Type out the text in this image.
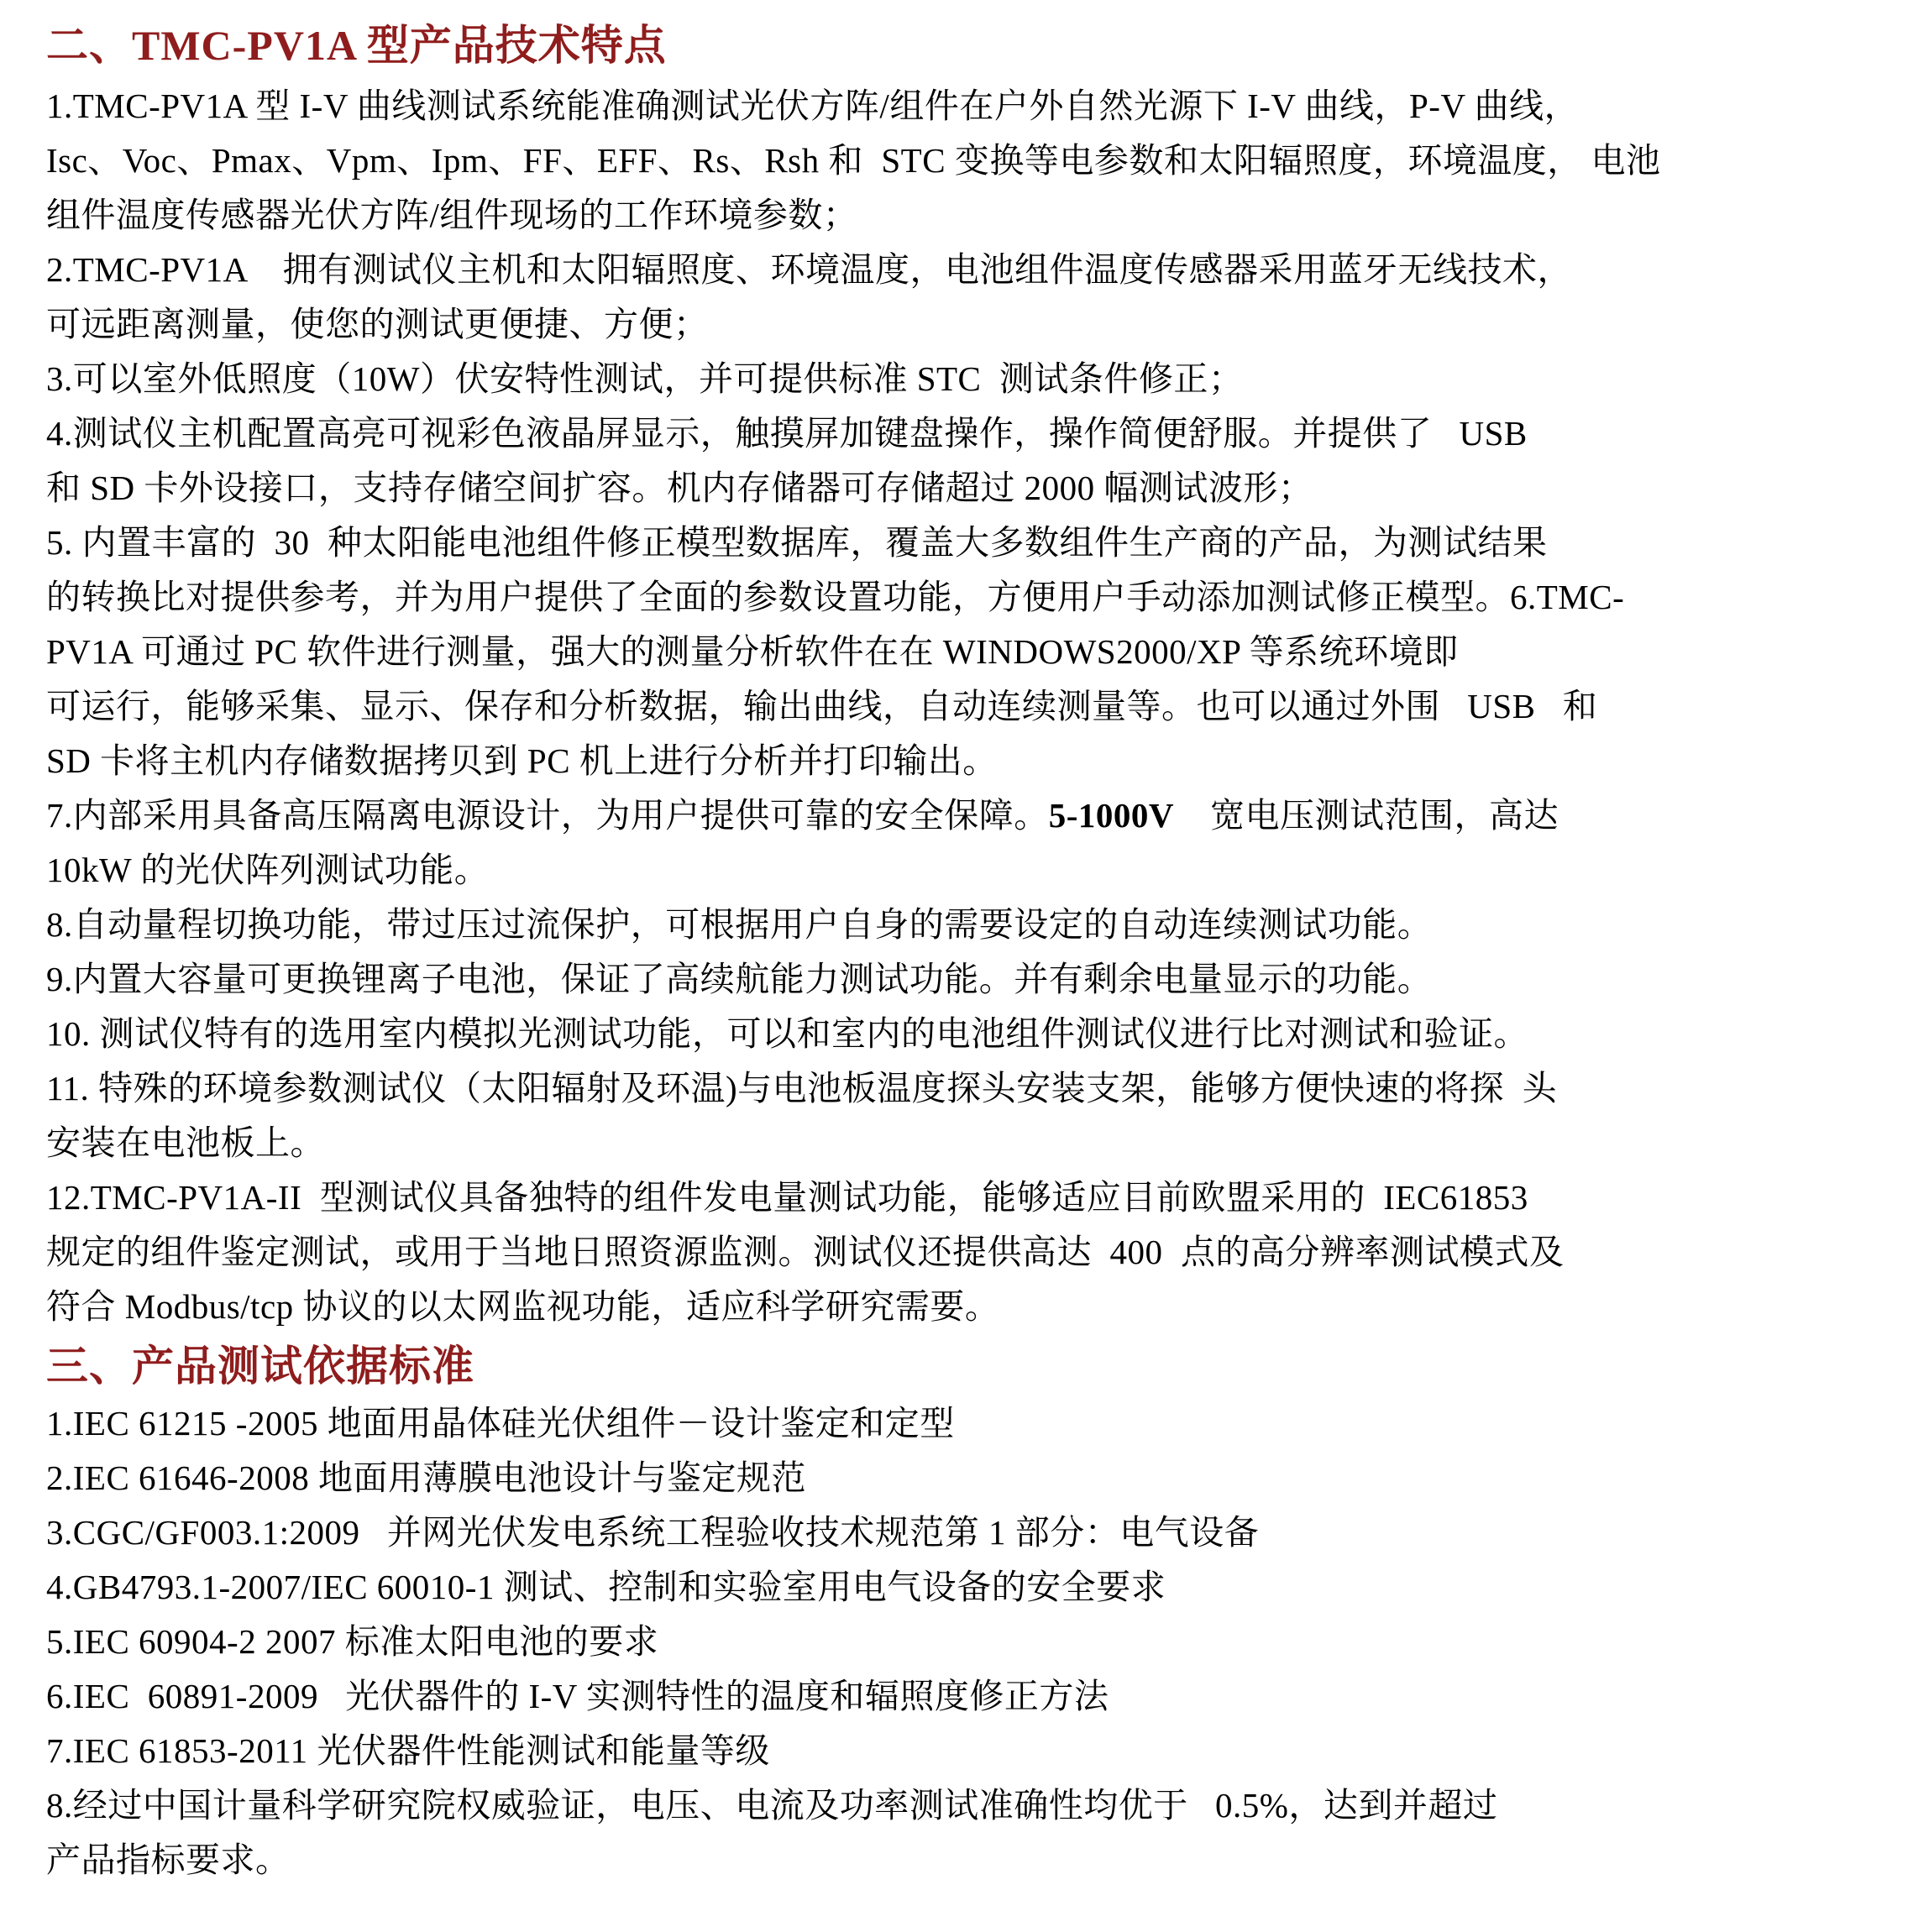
二、TMC-PV1A 型产品技术特点

1.TMC-PV1A 型 I-V 曲线测试系统能准确测试光伏方阵/组件在户外自然光源下 I-V 曲线，P-V 曲线，

Isc、Voc、Pmax、Vpm、Ipm、FF、EFF、Rs、Rsh 和  STC 变换等电参数和太阳辐照度，环境温度， 电池

组件温度传感器光伏方阵/组件现场的工作环境参数；

2.TMC-PV1A    拥有测试仪主机和太阳辐照度、环境温度，电池组件温度传感器采用蓝牙无线技术，

可远距离测量，使您的测试更便捷、方便；

3.可以室外低照度（10W）伏安特性测试，并可提供标准 STC  测试条件修正；

4.测试仪主机配置高亮可视彩色液晶屏显示，触摸屏加键盘操作，操作简便舒服。并提供了   USB

和 SD 卡外设接口，支持存储空间扩容。机内存储器可存储超过 2000 幅测试波形；

5. 内置丰富的  30  种太阳能电池组件修正模型数据库，覆盖大多数组件生产商的产品，为测试结果

的转换比对提供参考，并为用户提供了全面的参数设置功能，方便用户手动添加测试修正模型。6.TMC-

PV1A 可通过 PC 软件进行测量，强大的测量分析软件在在 WINDOWS2000/XP 等系统环境即

可运行，能够采集、显示、保存和分析数据，输出曲线，自动连续测量等。也可以通过外围   USB   和

SD 卡将主机内存储数据拷贝到 PC 机上进行分析并打印输出。

7.内部采用具备高压隔离电源设计，为用户提供可靠的安全保障。5-1000V    宽电压测试范围，高达

10kW 的光伏阵列测试功能。

8.自动量程切换功能，带过压过流保护，可根据用户自身的需要设定的自动连续测试功能。

9.内置大容量可更换锂离子电池，保证了高续航能力测试功能。并有剩余电量显示的功能。

10. 测试仪特有的选用室内模拟光测试功能，可以和室内的电池组件测试仪进行比对测试和验证。

11. 特殊的环境参数测试仪（太阳辐射及环温)与电池板温度探头安装支架，能够方便快速的将探  头

安装在电池板上。

12.TMC-PV1A-II  型测试仪具备独特的组件发电量测试功能，能够适应目前欧盟采用的  IEC61853

规定的组件鉴定测试，或用于当地日照资源监测。测试仪还提供高达  400  点的高分辨率测试模式及

符合 Modbus/tcp 协议的以太网监视功能，适应科学研究需要。

三、产品测试依据标准

1.IEC 61215 -2005 地面用晶体硅光伏组件－设计鉴定和定型

2.IEC 61646-2008 地面用薄膜电池设计与鉴定规范

3.CGC/GF003.1:2009   并网光伏发电系统工程验收技术规范第 1 部分：电气设备

4.GB4793.1-2007/IEC 60010-1 测试、控制和实验室用电气设备的安全要求

5.IEC 60904-2 2007 标准太阳电池的要求

6.IEC  60891-2009   光伏器件的 I-V 实测特性的温度和辐照度修正方法

7.IEC 61853-2011 光伏器件性能测试和能量等级

8.经过中国计量科学研究院权威验证，电压、电流及功率测试准确性均优于   0.5%，达到并超过

产品指标要求。
